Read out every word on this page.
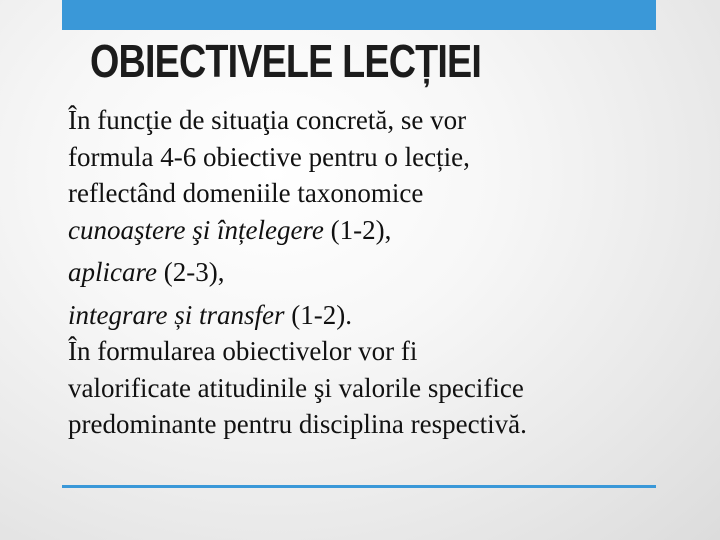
OBIECTIVELE LECȚIEI
În funcţie de situaţia concretă, se vor
formula 4-6 obiective pentru o lecție,
reflectând domeniile taxonomice
cunoaştere şi înțelegere (1-2),
aplicare (2-3),
integrare și transfer (1-2).
În formularea obiectivelor vor fi
valorificate atitudinile şi valorile specifice
predominante pentru disciplina respectivă.
